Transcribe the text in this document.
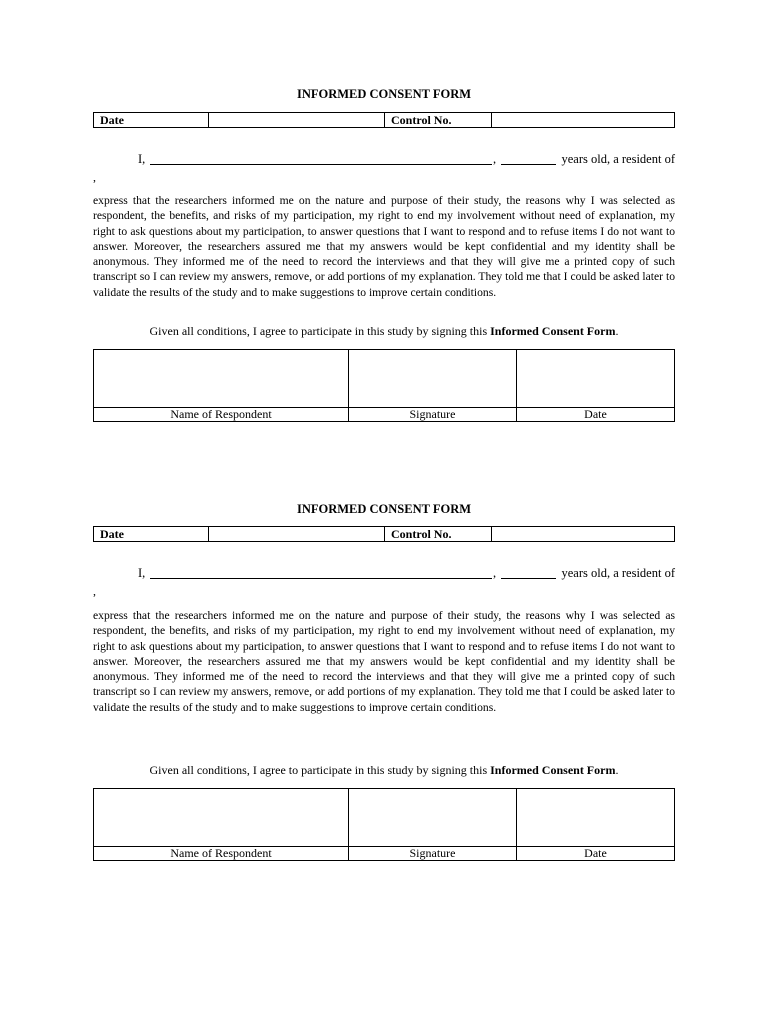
INFORMED CONSENT FORM
Date	Control No.
I,	,	years old, a resident of
,

express that the researchers informed me on the nature and purpose of their study, the reasons why I was selected as respondent, the benefits, and risks of my participation, my right to end my involvement without need of explanation, my right to ask questions about my participation, to answer questions that I want to respond and to refuse items I do not want to answer. Moreover, the researchers assured me that my answers would be kept confidential and my identity shall be anonymous. They informed me of the need to record the interviews and that they will give me a printed copy of such transcript so I can review my answers, remove, or add portions of my explanation. They told me that I could be asked later to validate the results of the study and to make suggestions to improve certain conditions.

Given all conditions, I agree to participate in this study by signing this Informed Consent Form.
Name of Respondent	Signature	Date
INFORMED CONSENT FORM
Date	Control No.
I,	,	years old, a resident of
,

express that the researchers informed me on the nature and purpose of their study, the reasons why I was selected as respondent, the benefits, and risks of my participation, my right to end my involvement without need of explanation, my right to ask questions about my participation, to answer questions that I want to respond and to refuse items I do not want to answer. Moreover, the researchers assured me that my answers would be kept confidential and my identity shall be anonymous. They informed me of the need to record the interviews and that they will give me a printed copy of such transcript so I can review my answers, remove, or add portions of my explanation. They told me that I could be asked later to validate the results of the study and to make suggestions to improve certain conditions.

Given all conditions, I agree to participate in this study by signing this Informed Consent Form.
Name of Respondent	Signature	Date
